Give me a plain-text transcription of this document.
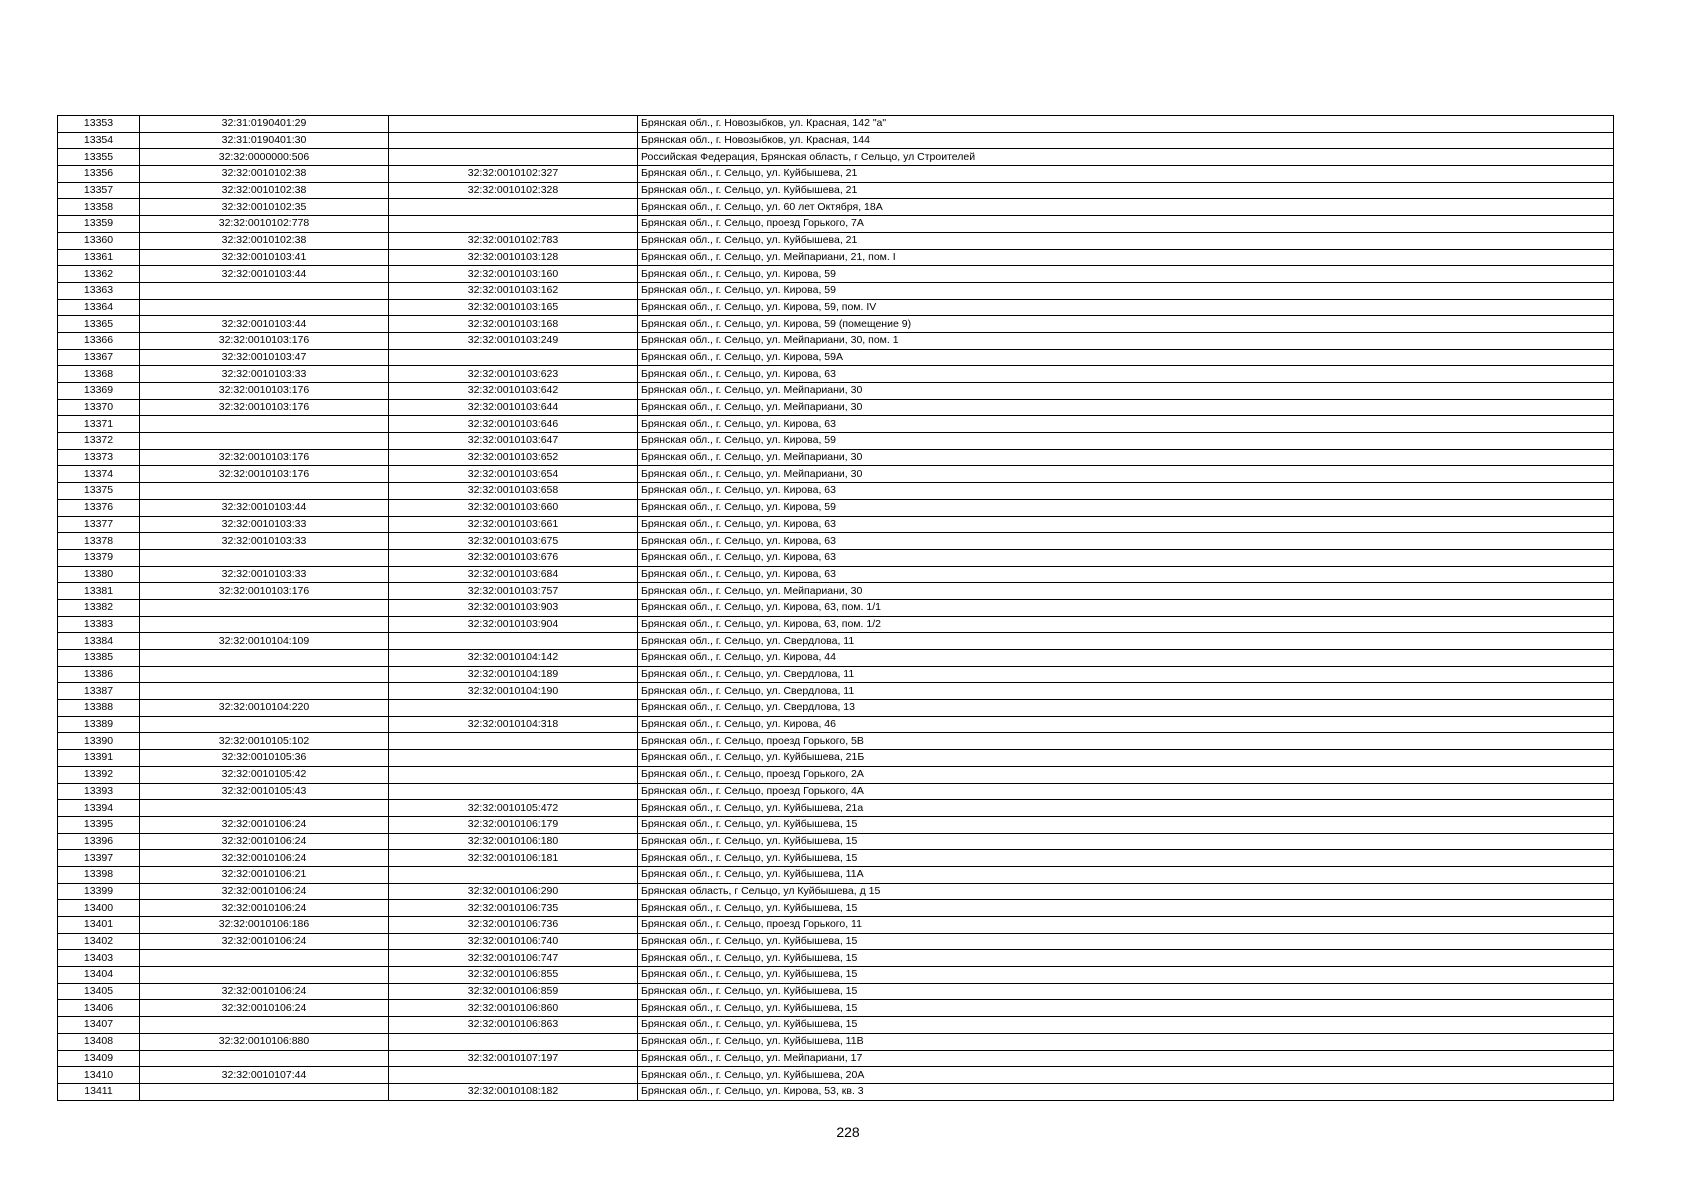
13353	32:31:0190401:29		Брянская обл., г. Новозыбков, ул. Красная, 142 "а"
13354	32:31:0190401:30		Брянская обл., г. Новозыбков, ул. Красная, 144
13355	32:32:0000000:506		Российская Федерация, Брянская область, г Сельцо, ул Строителей
13356	32:32:0010102:38	32:32:0010102:327	Брянская обл., г. Сельцо, ул. Куйбышева, 21
13357	32:32:0010102:38	32:32:0010102:328	Брянская обл., г. Сельцо, ул. Куйбышева, 21
13358	32:32:0010102:35		Брянская обл., г. Сельцо, ул. 60 лет Октября, 18А
13359	32:32:0010102:778		Брянская обл., г. Сельцо, проезд Горького, 7А
13360	32:32:0010102:38	32:32:0010102:783	Брянская обл., г. Сельцо, ул. Куйбышева, 21
13361	32:32:0010103:41	32:32:0010103:128	Брянская обл., г. Сельцо, ул. Мейпариани, 21, пом. I
13362	32:32:0010103:44	32:32:0010103:160	Брянская обл., г. Сельцо, ул. Кирова, 59
13363		32:32:0010103:162	Брянская обл., г. Сельцо, ул. Кирова, 59
13364		32:32:0010103:165	Брянская обл., г. Сельцо, ул. Кирова, 59, пом. IV
13365	32:32:0010103:44	32:32:0010103:168	Брянская обл., г. Сельцо, ул. Кирова, 59 (помещение 9)
13366	32:32:0010103:176	32:32:0010103:249	Брянская обл., г. Сельцо, ул. Мейпариани, 30, пом. 1
13367	32:32:0010103:47		Брянская обл., г. Сельцо, ул. Кирова, 59А
13368	32:32:0010103:33	32:32:0010103:623	Брянская обл., г. Сельцо, ул. Кирова, 63
13369	32:32:0010103:176	32:32:0010103:642	Брянская обл., г. Сельцо, ул. Мейпариани, 30
13370	32:32:0010103:176	32:32:0010103:644	Брянская обл., г. Сельцо, ул. Мейпариани, 30
13371		32:32:0010103:646	Брянская обл., г. Сельцо, ул. Кирова, 63
13372		32:32:0010103:647	Брянская обл., г. Сельцо, ул. Кирова, 59
13373	32:32:0010103:176	32:32:0010103:652	Брянская обл., г. Сельцо, ул. Мейпариани, 30
13374	32:32:0010103:176	32:32:0010103:654	Брянская обл., г. Сельцо, ул. Мейпариани, 30
13375		32:32:0010103:658	Брянская обл., г. Сельцо, ул. Кирова, 63
13376	32:32:0010103:44	32:32:0010103:660	Брянская обл., г. Сельцо, ул. Кирова, 59
13377	32:32:0010103:33	32:32:0010103:661	Брянская обл., г. Сельцо, ул. Кирова, 63
13378	32:32:0010103:33	32:32:0010103:675	Брянская обл., г. Сельцо, ул. Кирова, 63
13379		32:32:0010103:676	Брянская обл., г. Сельцо, ул. Кирова, 63
13380	32:32:0010103:33	32:32:0010103:684	Брянская обл., г. Сельцо, ул. Кирова, 63
13381	32:32:0010103:176	32:32:0010103:757	Брянская обл., г. Сельцо, ул. Мейпариани, 30
13382		32:32:0010103:903	Брянская обл., г. Сельцо, ул. Кирова, 63, пом. 1/1
13383		32:32:0010103:904	Брянская обл., г. Сельцо, ул. Кирова, 63, пом. 1/2
13384	32:32:0010104:109		Брянская обл., г. Сельцо, ул. Свердлова, 11
13385		32:32:0010104:142	Брянская обл., г. Сельцо, ул. Кирова, 44
13386		32:32:0010104:189	Брянская обл., г. Сельцо, ул. Свердлова, 11
13387		32:32:0010104:190	Брянская обл., г. Сельцо, ул. Свердлова, 11
13388	32:32:0010104:220		Брянская обл., г. Сельцо, ул. Свердлова, 13
13389		32:32:0010104:318	Брянская обл., г. Сельцо, ул. Кирова, 46
13390	32:32:0010105:102		Брянская обл., г. Сельцо, проезд Горького, 5В
13391	32:32:0010105:36		Брянская обл., г. Сельцо, ул. Куйбышева, 21Б
13392	32:32:0010105:42		Брянская обл., г. Сельцо, проезд Горького, 2А
13393	32:32:0010105:43		Брянская обл., г. Сельцо, проезд Горького, 4А
13394		32:32:0010105:472	Брянская обл., г. Сельцо, ул. Куйбышева, 21а
13395	32:32:0010106:24	32:32:0010106:179	Брянская обл., г. Сельцо, ул. Куйбышева, 15
13396	32:32:0010106:24	32:32:0010106:180	Брянская обл., г. Сельцо, ул. Куйбышева, 15
13397	32:32:0010106:24	32:32:0010106:181	Брянская обл., г. Сельцо, ул. Куйбышева, 15
13398	32:32:0010106:21		Брянская обл., г. Сельцо, ул. Куйбышева, 11А
13399	32:32:0010106:24	32:32:0010106:290	Брянская область, г Сельцо, ул Куйбышева, д 15
13400	32:32:0010106:24	32:32:0010106:735	Брянская обл., г. Сельцо, ул. Куйбышева, 15
13401	32:32:0010106:186	32:32:0010106:736	Брянская обл., г. Сельцо, проезд Горького, 11
13402	32:32:0010106:24	32:32:0010106:740	Брянская обл., г. Сельцо, ул. Куйбышева, 15
13403		32:32:0010106:747	Брянская обл., г. Сельцо, ул. Куйбышева, 15
13404		32:32:0010106:855	Брянская обл., г. Сельцо, ул. Куйбышева, 15
13405	32:32:0010106:24	32:32:0010106:859	Брянская обл., г. Сельцо, ул. Куйбышева, 15
13406	32:32:0010106:24	32:32:0010106:860	Брянская обл., г. Сельцо, ул. Куйбышева, 15
13407		32:32:0010106:863	Брянская обл., г. Сельцо, ул. Куйбышева, 15
13408	32:32:0010106:880		Брянская обл., г. Сельцо, ул. Куйбышева, 11В
13409		32:32:0010107:197	Брянская обл., г. Сельцо, ул. Мейпариани, 17
13410	32:32:0010107:44		Брянская обл., г. Сельцо, ул. Куйбышева, 20А
13411		32:32:0010108:182	Брянская обл., г. Сельцо, ул. Кирова, 53, кв. 3
228
